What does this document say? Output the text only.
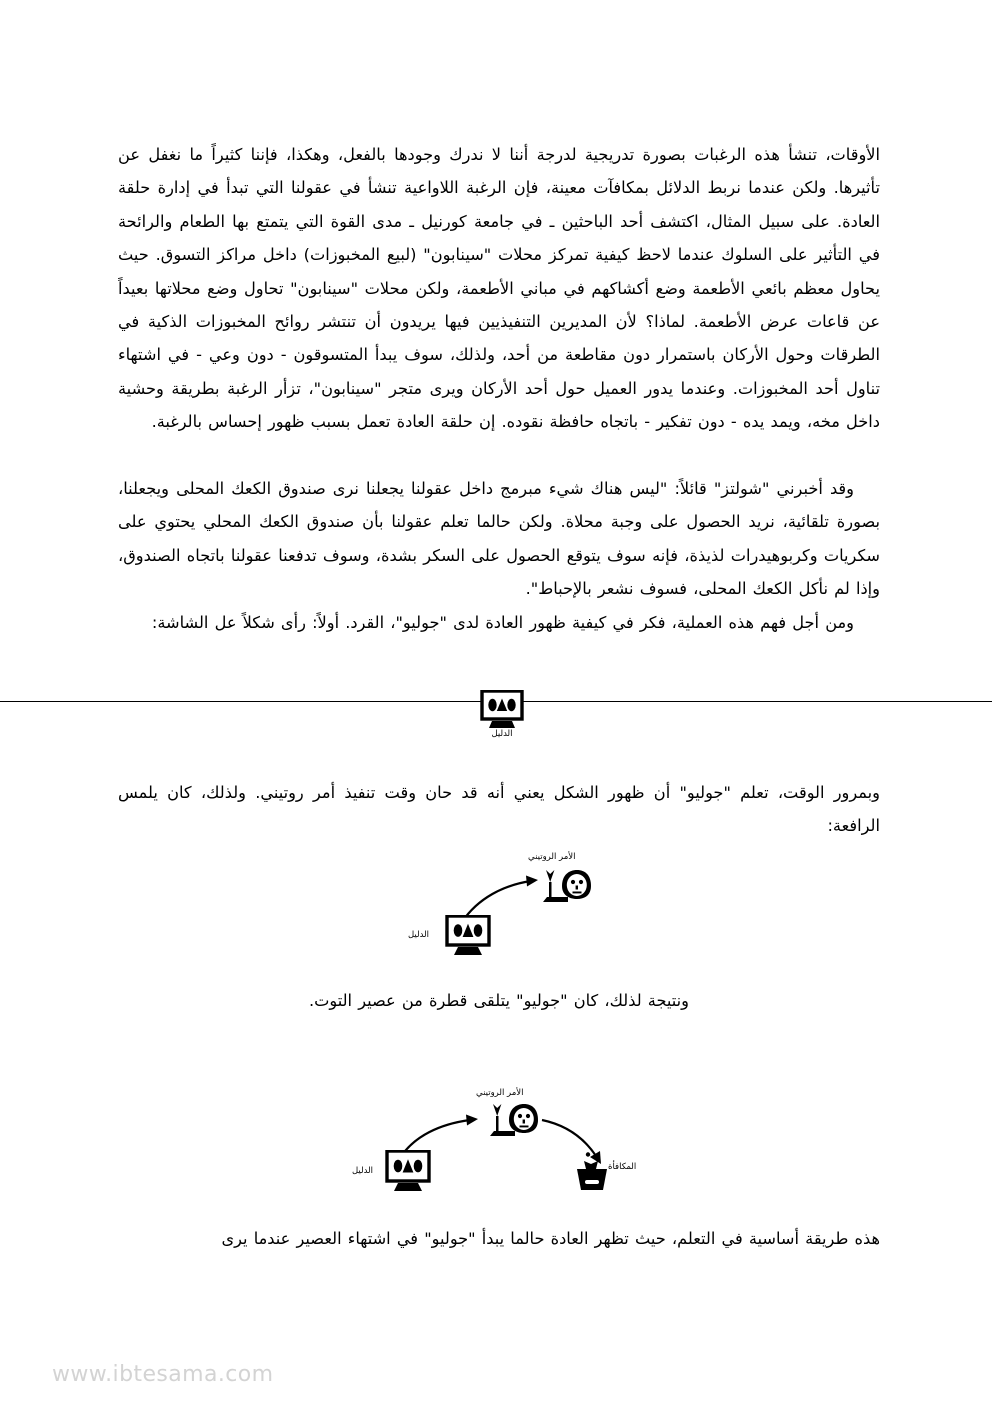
الأوقات، تنشأ هذه الرغبات بصورة تدريجية لدرجة أننا لا ندرك وجودها بالفعل، وهكذا، فإننا كثيراً ما نغفل عن تأثيرها. ولكن عندما نربط الدلائل بمكافآت معينة، فإن الرغبة اللاواعية تنشأ في عقولنا التي تبدأ في إدارة حلقة العادة. على سبيل المثال، اكتشف أحد الباحثين ـ في جامعة كورنيل ـ مدى القوة التي يتمتع بها الطعام والرائحة في التأثير على السلوك عندما لاحظ كيفية تمركز محلات "سينابون" (لبيع المخبوزات) داخل مراكز التسوق. حيث يحاول معظم بائعي الأطعمة وضع أكشاكهم في مباني الأطعمة، ولكن محلات "سينابون" تحاول وضع محلاتها بعيداً عن قاعات عرض الأطعمة. لماذا؟ لأن المديرين التنفيذيين فيها يريدون أن تنتشر روائح المخبوزات الذكية في الطرقات وحول الأركان باستمرار دون مقاطعة من أحد، ولذلك، سوف يبدأ المتسوقون - دون وعي - في اشتهاء تناول أحد المخبوزات. وعندما يدور العميل حول أحد الأركان ويرى متجر "سينابون"، تزأر الرغبة بطريقة وحشية داخل مخه، ويمد يده - دون تفكير - باتجاه حافظة نقوده. إن حلقة العادة تعمل بسبب ظهور إحساس بالرغبة.
وقد أخبرني "شولتز" قائلاً: "ليس هناك شيء مبرمج داخل عقولنا يجعلنا نرى صندوق الكعك المحلى ويجعلنا، بصورة تلقائية، نريد الحصول على وجبة محلاة. ولكن حالما تعلم عقولنا بأن صندوق الكعك المحلي يحتوي على سكريات وكربوهيدرات لذيذة، فإنه سوف يتوقع الحصول على السكر بشدة، وسوف تدفعنا عقولنا باتجاه الصندوق، وإذا لم نأكل الكعك المحلى، فسوف نشعر بالإحباط".
ومن أجل فهم هذه العملية، فكر في كيفية ظهور العادة لدى "جوليو"، القرد. أولاً: رأى شكلاً عل الشاشة:
الدليل
وبمرور الوقت، تعلم "جوليو" أن ظهور الشكل يعني أنه قد حان وقت تنفيذ أمر روتيني. ولذلك، كان يلمس الرافعة:
الدليل
الأمر الروتيني
ونتيجة لذلك، كان "جوليو" يتلقى قطرة من عصير التوت.
الدليل
الأمر الروتيني
المكافأة
هذه طريقة أساسية في التعلم، حيث تظهر العادة حالما يبدأ "جوليو" في اشتهاء العصير عندما يرى
www.ibtesama.com
